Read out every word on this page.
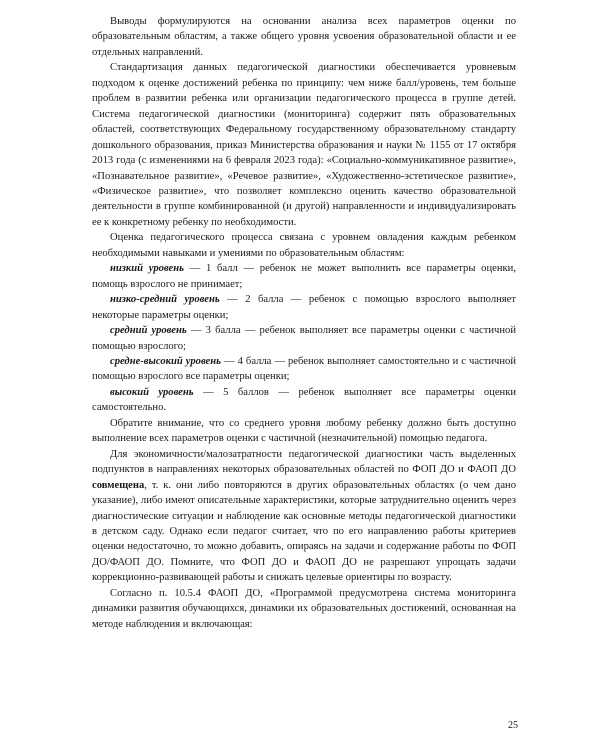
Выводы формулируются на основании анализа всех параметров оценки по образовательным областям, а также общего уровня усвоения образовательной области и ее отдельных направлений.

Стандартизация данных педагогической диагностики обеспечивается уровневым подходом к оценке достижений ребенка по принципу: чем ниже балл/уровень, тем больше проблем в развитии ребенка или организации педагогического процесса в группе детей. Система педагогической диагностики (мониторинга) содержит пять образовательных областей, соответствующих Федеральному государственному образовательному стандарту дошкольного образования, приказ Министерства образования и науки № 1155 от 17 октября 2013 года (с изменениями на 6 февраля 2023 года): «Социально-коммуникативное развитие», «Познавательное развитие», «Речевое развитие», «Художественно-эстетическое развитие», «Физическое развитие», что позволяет комплексно оценить качество образовательной деятельности в группе комбинированной (и другой) направленности и индивидуализировать ее к конкретному ребенку по необходимости.

Оценка педагогического процесса связана с уровнем овладения каждым ребенком необходимыми навыками и умениями по образовательным областям:

низкий уровень — 1 балл — ребенок не может выполнить все параметры оценки, помощь взрослого не принимает;

низко-средний уровень — 2 балла — ребенок с помощью взрослого выполняет некоторые параметры оценки;

средний уровень — 3 балла — ребенок выполняет все параметры оценки с частичной помощью взрослого;

средне-высокий уровень — 4 балла — ребенок выполняет самостоятельно и с частичной помощью взрослого все параметры оценки;

высокий уровень — 5 баллов — ребенок выполняет все параметры оценки самостоятельно.

Обратите внимание, что со среднего уровня любому ребенку должно быть доступно выполнение всех параметров оценки с частичной (незначительной) помощью педагога.

Для экономичности/малозатратности педагогической диагностики часть выделенных подпунктов в направлениях некоторых образовательных областей по ФОП ДО и ФАОП ДО совмещена, т. к. они либо повторяются в других образовательных областях (о чем дано указание), либо имеют описательные характеристики, которые затруднительно оценить через диагностические ситуации и наблюдение как основные методы педагогической диагностики в детском саду. Однако если педагог считает, что по его направлению работы критериев оценки недостаточно, то можно добавить, опираясь на задачи и содержание работы по ФОП ДО/ФАОП ДО. Помните, что ФОП ДО и ФАОП ДО не разрешают упрощать задачи коррекционно-развивающей работы и снижать целевые ориентиры по возрасту.

Согласно п. 10.5.4 ФАОП ДО, «Программой предусмотрена система мониторинга динамики развития обучающихся, динамики их образовательных достижений, основанная на методе наблюдения и включающая:

25
